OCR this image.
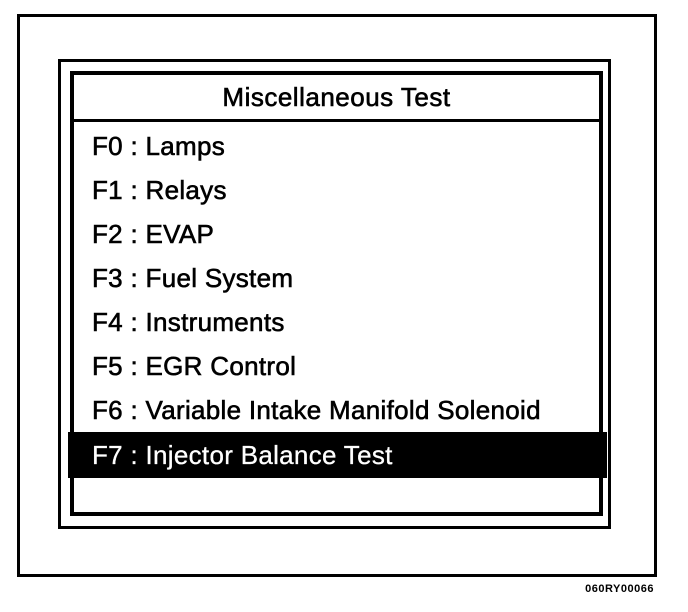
Miscellaneous Test
F0 : Lamps
F1 : Relays
F2 : EVAP
F3 : Fuel System
F4 : Instruments
F5 : EGR Control
F6 : Variable Intake Manifold Solenoid
F7 : Injector Balance Test
060RY00066
